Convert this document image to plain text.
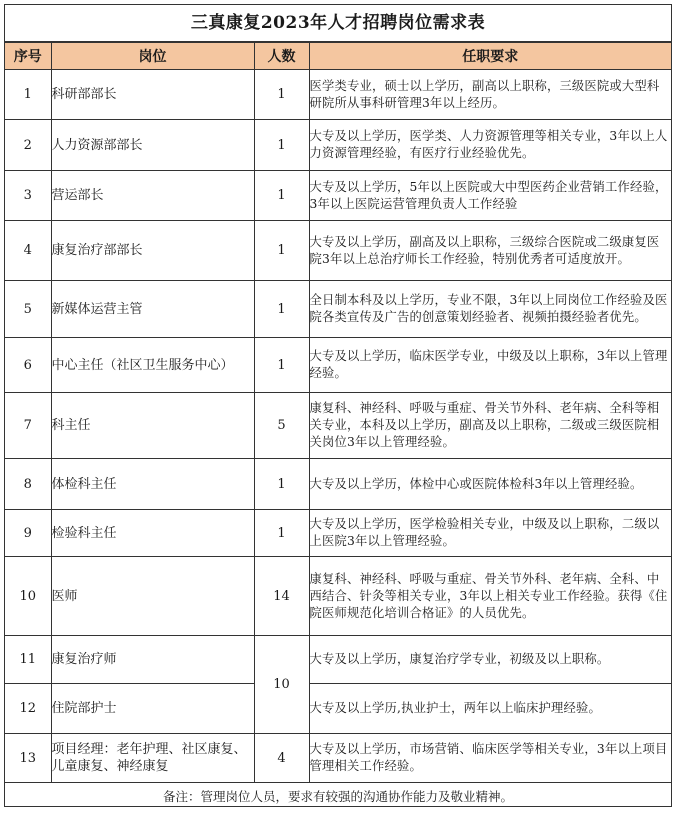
三真康复2023年人才招聘岗位需求表
序号	岗位	人数	任职要求
1	科研部部长	1	医学类专业，硕士以上学历，副高以上职称，三级医院或大型科研院所从事科研管理3年以上经历。
2	人力资源部部长	1	大专及以上学历，医学类、人力资源管理等相关专业，3年以上人力资源管理经验，有医疗行业经验优先。
3	营运部长	1	大专及以上学历，5年以上医院或大中型医药企业营销工作经验，3年以上医院运营管理负责人工作经验
4	康复治疗部部长	1	大专及以上学历，副高及以上职称，三级综合医院或二级康复医院3年以上总治疗师长工作经验，特别优秀者可适度放开。
5	新媒体运营主管	1	全日制本科及以上学历，专业不限，3年以上同岗位工作经验及医院各类宣传及广告的创意策划经验者、视频拍摄经验者优先。
6	中心主任（社区卫生服务中心）	1	大专及以上学历，临床医学专业，中级及以上职称，3年以上管理经验。
7	科主任	5	康复科、神经科、呼吸与重症、骨关节外科、老年病、全科等相关专业，本科及以上学历，副高及以上职称，二级或三级医院相关岗位3年以上管理经验。
8	体检科主任	1	大专及以上学历，体检中心或医院体检科3年以上管理经验。
9	检验科主任	1	大专及以上学历，医学检验相关专业，中级及以上职称，二级以上医院3年以上管理经验。
10	医师	14	康复科、神经科、呼吸与重症、骨关节外科、老年病、全科、中西结合、针灸等相关专业，3年以上相关专业工作经验。获得《住院医师规范化培训合格证》的人员优先。
11	康复治疗师	10	大专及以上学历，康复治疗学专业，初级及以上职称。
12	住院部护士		大专及以上学历,执业护士，两年以上临床护理经验。
13	项目经理：老年护理、社区康复、儿童康复、神经康复	4	大专及以上学历，市场营销、临床医学等相关专业，3年以上项目管理相关工作经验。
备注：管理岗位人员，要求有较强的沟通协作能力及敬业精神。			
